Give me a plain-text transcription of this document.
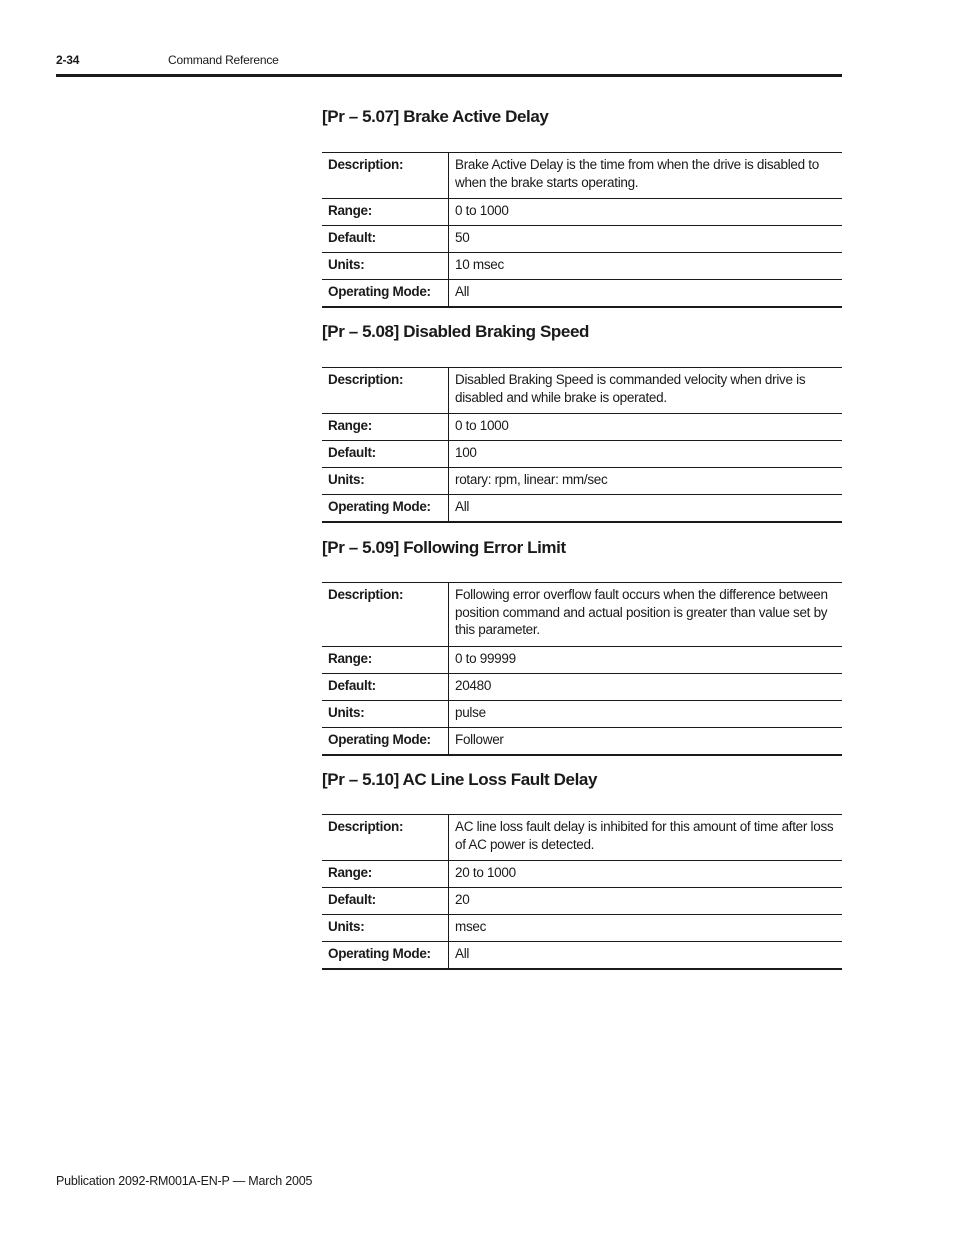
2-34	Command Reference
[Pr – 5.07] Brake Active Delay
Description:	Brake Active Delay is the time from when the drive is disabled to when the brake starts operating.
Range:	0 to 1000
Default:	50
Units:	10 msec
Operating Mode:	All
[Pr – 5.08] Disabled Braking Speed
Description:	Disabled Braking Speed is commanded velocity when drive is disabled and while brake is operated.
Range:	0 to 1000
Default:	100
Units:	rotary: rpm, linear: mm/sec
Operating Mode:	All
[Pr – 5.09] Following Error Limit
Description:	Following error overflow fault occurs when the difference between position command and actual position is greater than value set by this parameter.
Range:	0 to 99999
Default:	20480
Units:	pulse
Operating Mode:	Follower
[Pr – 5.10] AC Line Loss Fault Delay
Description:	AC line loss fault delay is inhibited for this amount of time after loss of AC power is detected.
Range:	20 to 1000
Default:	20
Units:	msec
Operating Mode:	All
Publication 2092-RM001A-EN-P — March 2005
